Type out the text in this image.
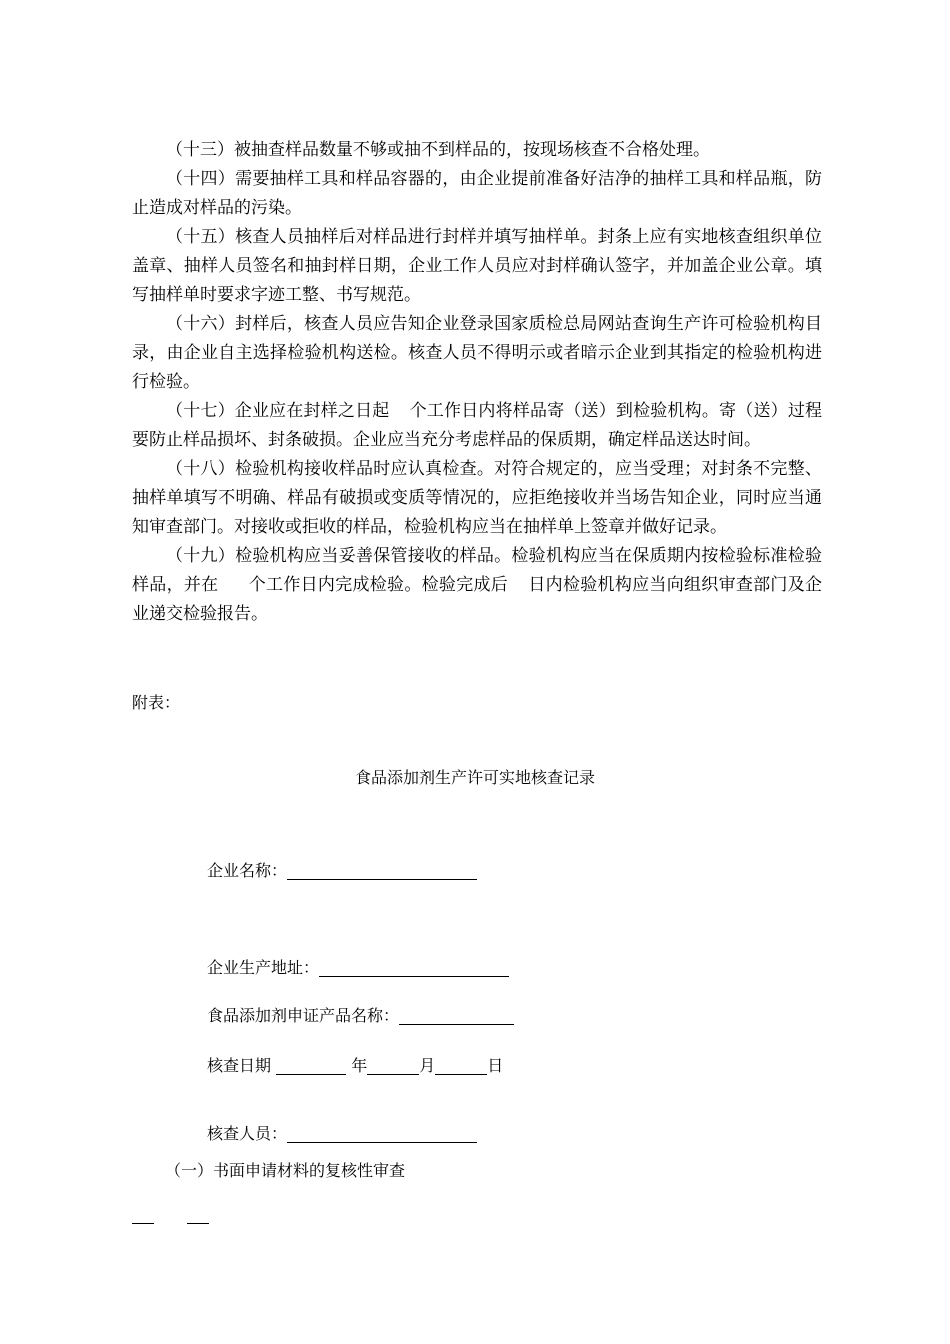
（十三）被抽查样品数量不够或抽不到样品的，按现场核查不合格处理。

（十四）需要抽样工具和样品容器的，由企业提前准备好洁净的抽样工具和样品瓶，防止造成对样品的污染。

（十五）核查人员抽样后对样品进行封样并填写抽样单。封条上应有实地核查组织单位盖章、抽样人员签名和抽封样日期，企业工作人员应对封样确认签字，并加盖企业公章。填写抽样单时要求字迹工整、书写规范。

（十六）封样后，核查人员应告知企业登录国家质检总局网站查询生产许可检验机构目录，由企业自主选择检验机构送检。核查人员不得明示或者暗示企业到其指定的检验机构进行检验。

（十七）企业应在封样之日起 个工作日内将样品寄（送）到检验机构。寄（送）过程要防止样品损坏、封条破损。企业应当充分考虑样品的保质期，确定样品送达时间。

（十八）检验机构接收样品时应认真检查。对符合规定的，应当受理；对封条不完整、抽样单填写不明确、样品有破损或变质等情况的，应拒绝接收并当场告知企业，同时应当通知审查部门。对接收或拒收的样品，检验机构应当在抽样单上签章并做好记录。

（十九）检验机构应当妥善保管接收的样品。检验机构应当在保质期内按检验标准检验样品，并在 个工作日内完成检验。检验完成后 日内检验机构应当向组织审查部门及企业递交检验报告。

附表：
食品添加剂生产许可实地核查记录
企业名称：
企业生产地址：
食品添加剂申证产品名称：
核查日期	年	月	日
核查人员：
（一）书面申请材料的复核性审查
